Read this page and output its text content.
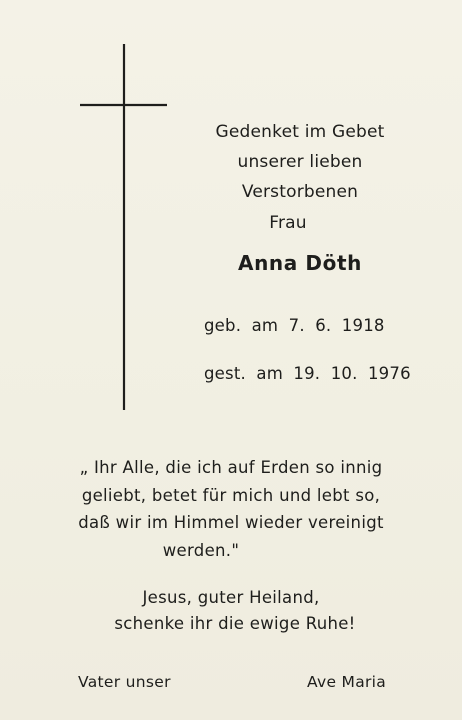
Gedenket im Gebet
unserer lieben
Verstorbenen
Frau
Anna Döth
geb. am 7. 6. 1918
gest. am 19. 10. 1976
„ Ihr Alle, die ich auf Erden so innig
geliebt, betet für mich und lebt so,
daß wir im Himmel wieder vereinigt
werden."
Jesus, guter Heiland,
schenke ihr die ewige Ruhe!
Vater unser	Ave Maria
